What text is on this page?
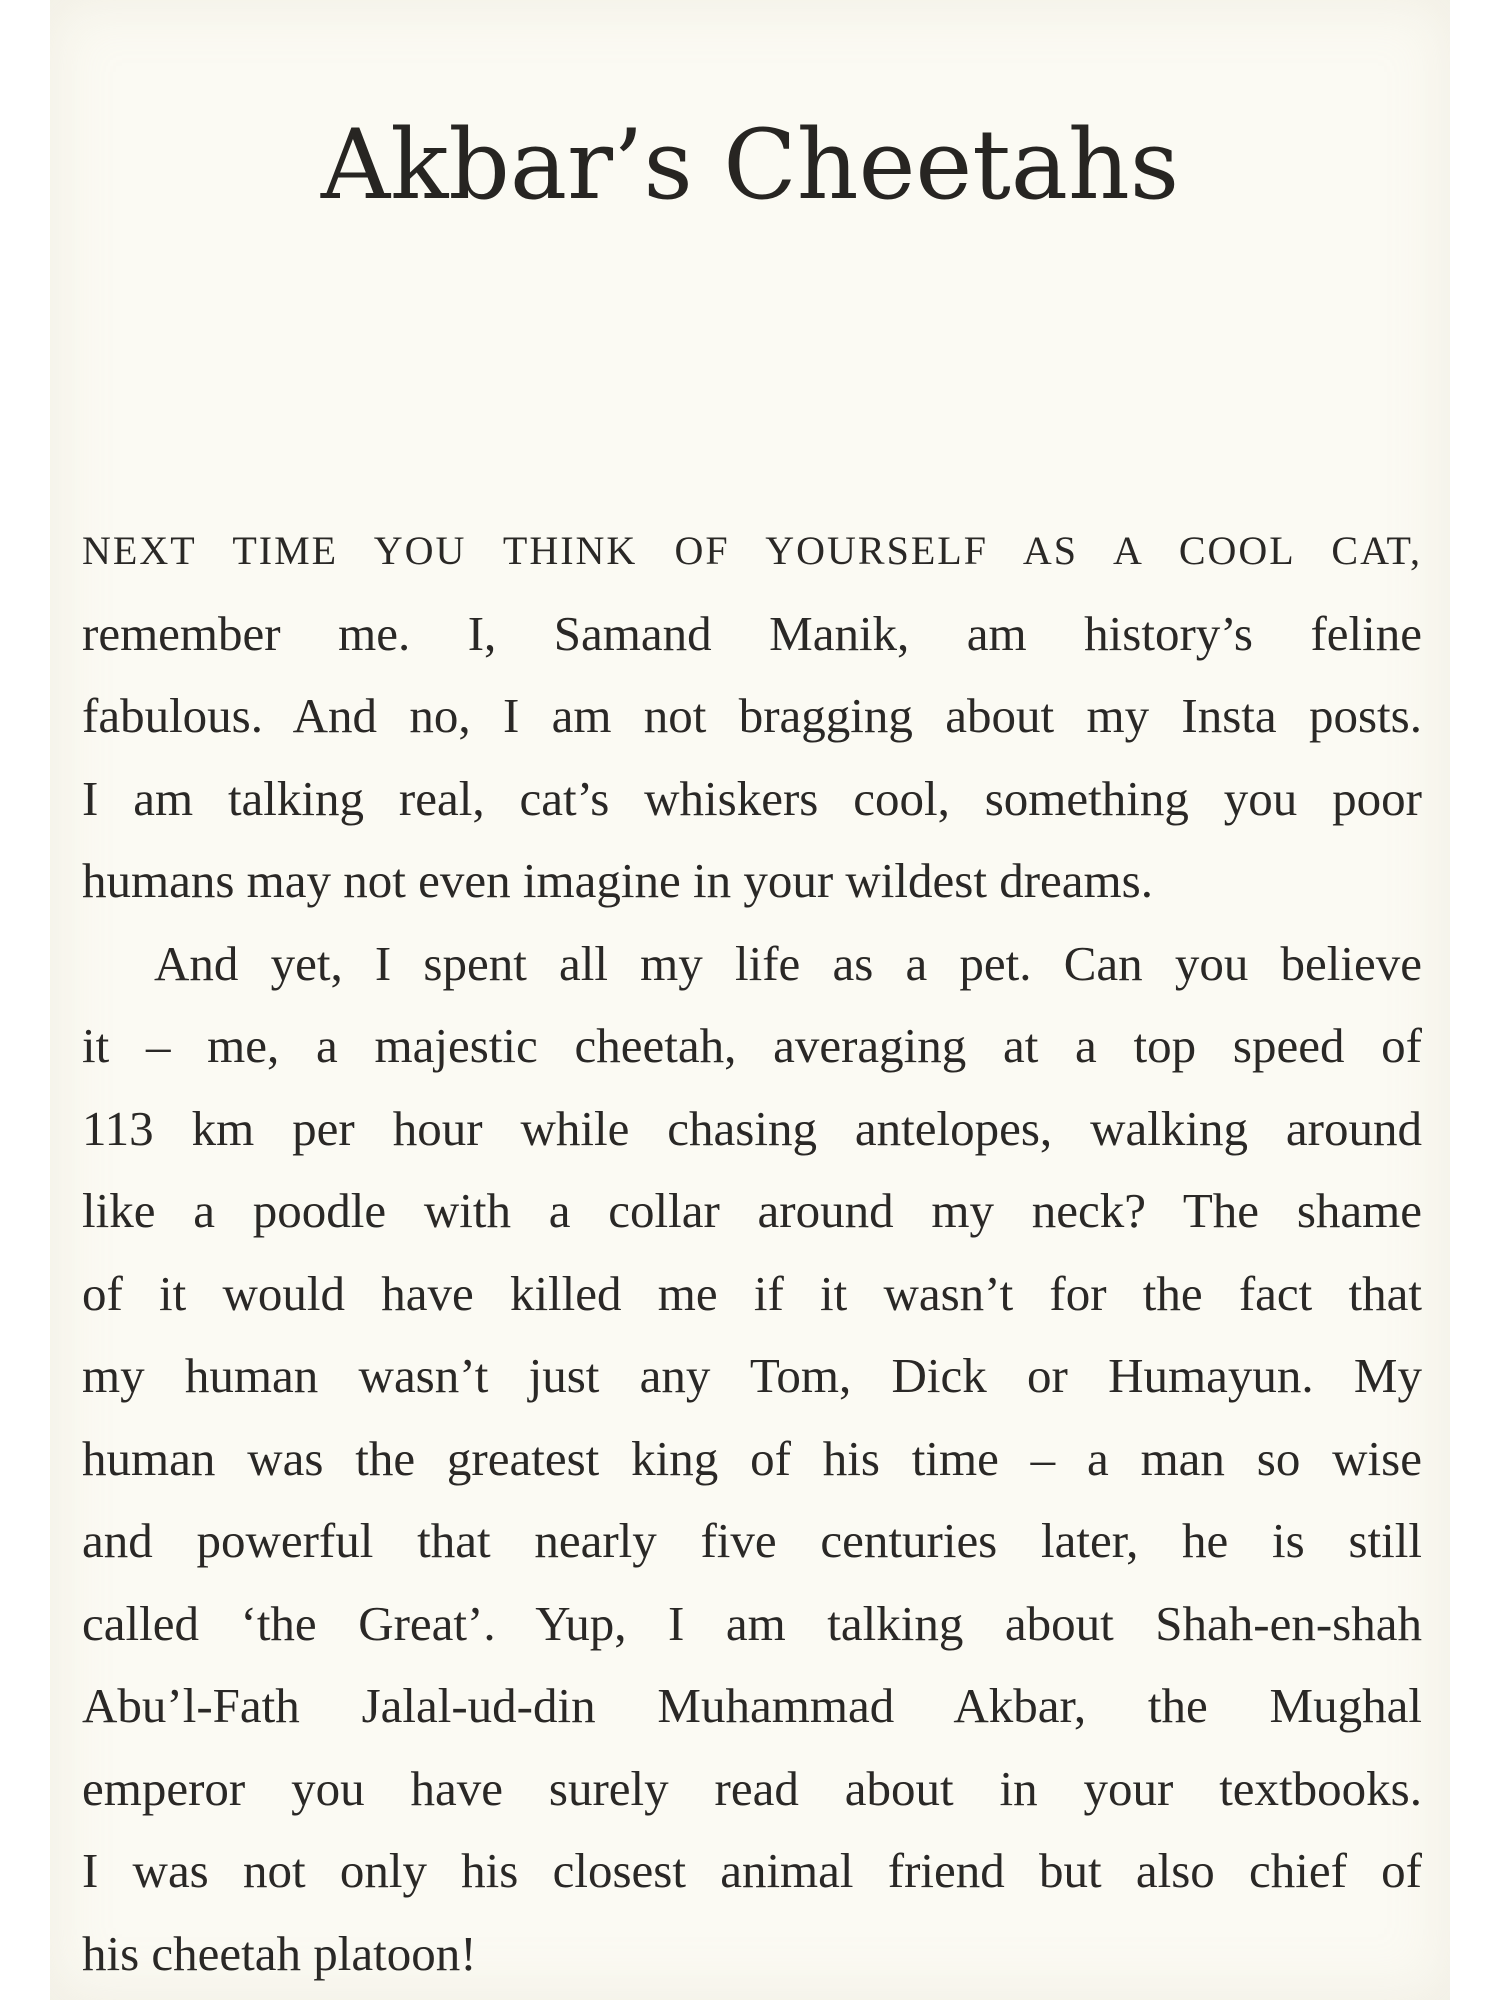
Akbar’s Cheetahs
NEXT TIME YOU THINK OF YOURSELF AS A COOL CAT,
remember me. I, Samand Manik, am history’s feline
fabulous. And no, I am not bragging about my Insta posts.
I am talking real, cat’s whiskers cool, something you poor
humans may not even imagine in your wildest dreams.
And yet, I spent all my life as a pet. Can you believe
it – me, a majestic cheetah, averaging at a top speed of
113 km per hour while chasing antelopes, walking around
like a poodle with a collar around my neck? The shame
of it would have killed me if it wasn’t for the fact that
my human wasn’t just any Tom, Dick or Humayun. My
human was the greatest king of his time – a man so wise
and powerful that nearly five centuries later, he is still
called ‘the Great’. Yup, I am talking about Shah-en-shah
Abu’l-Fath Jalal-ud-din Muhammad Akbar, the Mughal
emperor you have surely read about in your textbooks.
I was not only his closest animal friend but also chief of
his cheetah platoon!
